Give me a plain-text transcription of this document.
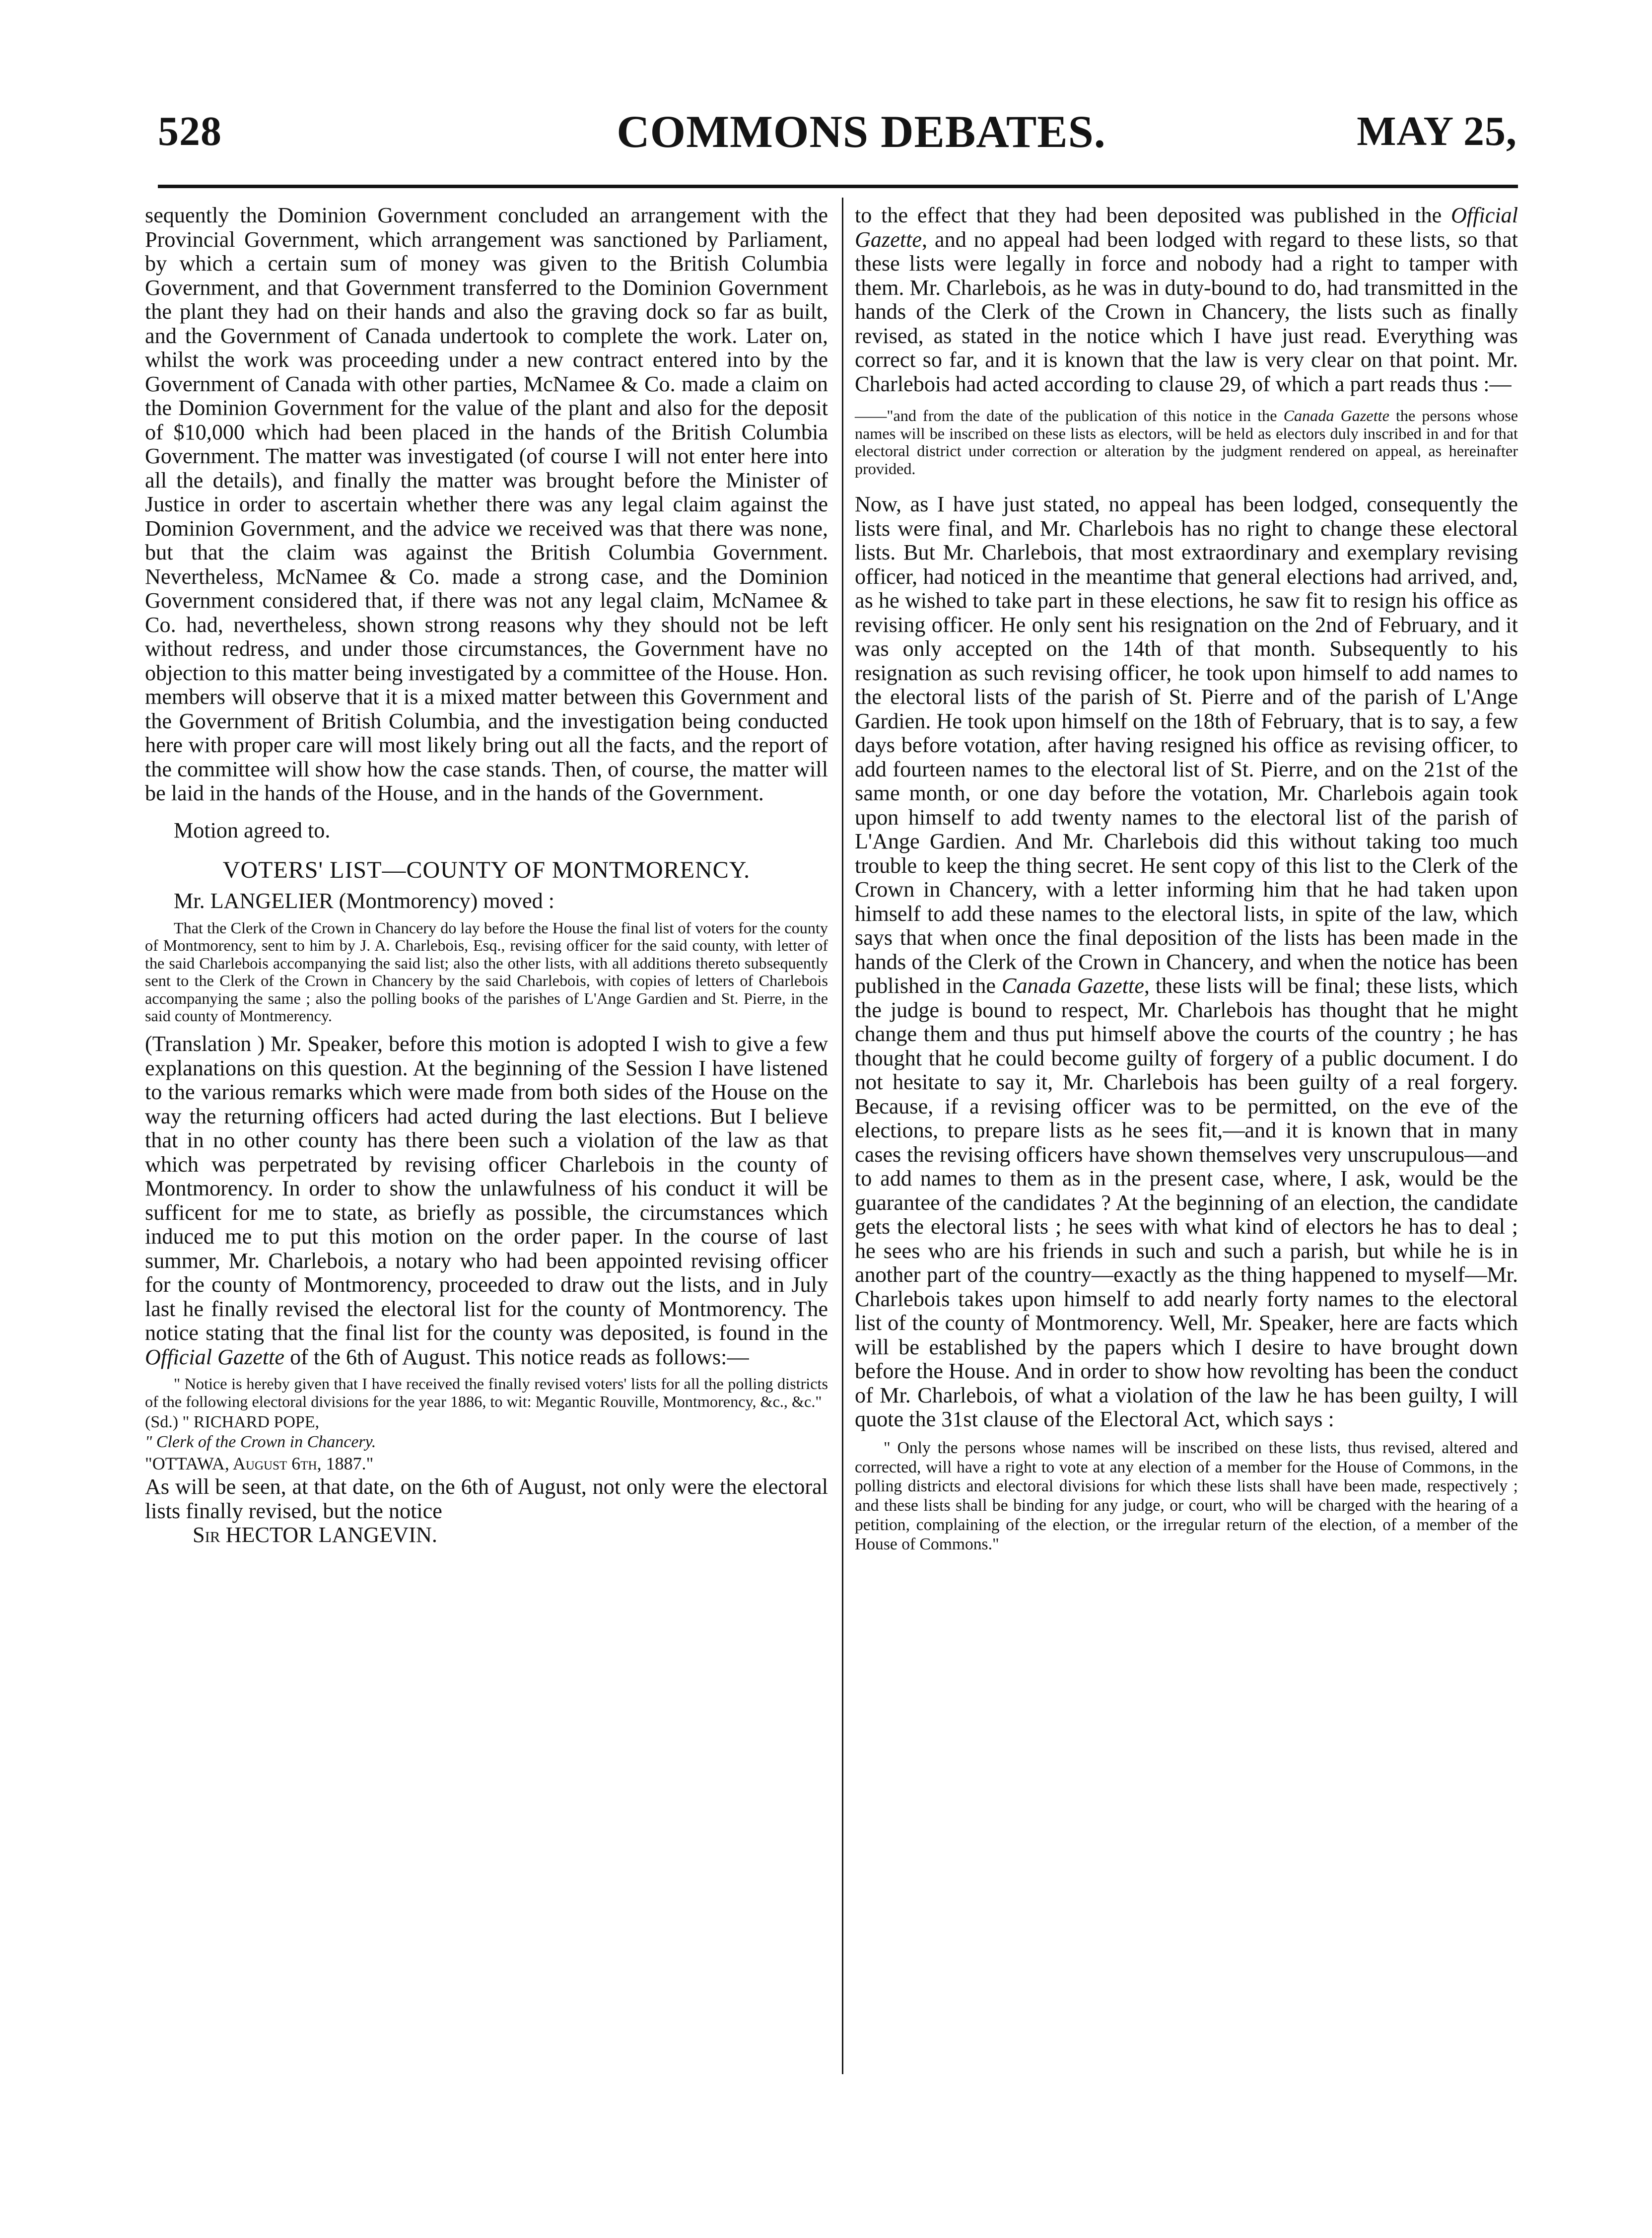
528	COMMONS DEBATES.	MAY 25,

sequently the Dominion Government concluded an arrangement with the Provincial Government, which arrangement was sanctioned by Parliament, by which a certain sum of money was given to the British Columbia Government, and that Government transferred to the Dominion Government the plant they had on their hands and also the graving dock so far as built, and the Government of Canada undertook to complete the work. Later on, whilst the work was proceeding under a new contract entered into by the Government of Canada with other parties, McNamee & Co. made a claim on the Dominion Government for the value of the plant and also for the deposit of $10,000 which had been placed in the hands of the British Columbia Government. The matter was investigated (of course I will not enter here into all the details), and finally the matter was brought before the Minister of Justice in order to ascertain whether there was any legal claim against the Dominion Government, and the advice we received was that there was none, but that the claim was against the British Columbia Government. Nevertheless, McNamee & Co. made a strong case, and the Dominion Government considered that, if there was not any legal claim, McNamee & Co. had, nevertheless, shown strong reasons why they should not be left without redress, and under those circumstances, the Government have no objection to this matter being investigated by a committee of the House. Hon. members will observe that it is a mixed matter between this Government and the Government of British Columbia, and the investigation being conducted here with proper care will most likely bring out all the facts, and the report of the committee will show how the case stands. Then, of course, the matter will be laid in the hands of the House, and in the hands of the Government.

Motion agreed to.

VOTERS' LIST—COUNTY OF MONTMORENCY.

Mr. LANGELIER (Montmorency) moved :

That the Clerk of the Crown in Chancery do lay before the House the final list of voters for the county of Montmorency, sent to him by J. A. Charlebois, Esq., revising officer for the said county, with letter of the said Charlebois accompanying the said list; also the other lists, with all additions thereto subsequently sent to the Clerk of the Crown in Chancery by the said Charlebois, with copies of letters of Charlebois accompanying the same ; also the polling books of the parishes of L'Ange Gardien and St. Pierre, in the said county of Montmerency.

(Translation ) Mr. Speaker, before this motion is adopted I wish to give a few explanations on this question. At the beginning of the Session I have listened to the various remarks which were made from both sides of the House on the way the returning officers had acted during the last elections. But I believe that in no other county has there been such a violation of the law as that which was perpetrated by revising officer Charlebois in the county of Montmorency. In order to show the unlawfulness of his conduct it will be sufficent for me to state, as briefly as possible, the circumstances which induced me to put this motion on the order paper. In the course of last summer, Mr. Charlebois, a notary who had been appointed revising officer for the county of Montmorency, proceeded to draw out the lists, and in July last he finally revised the electoral list for the county of Montmorency. The notice stating that the final list for the county was deposited, is found in the Official Gazette of the 6th of August. This notice reads as follows:—

" Notice is hereby given that I have received the finally revised voters' lists for all the polling districts of the following electoral divisions for the year 1886, to wit: Megantic Rouville, Montmorency, &c., &c."

(Sd.) " RICHARD POPE,

" Clerk of the Crown in Chancery.

"OTTAWA, August 6th, 1887."

As will be seen, at that date, on the 6th of August, not only were the electoral lists finally revised, but the notice

Sir HECTOR LANGEVIN.

to the effect that they had been deposited was published in the Official Gazette, and no appeal had been lodged with regard to these lists, so that these lists were legally in force and nobody had a right to tamper with them. Mr. Charlebois, as he was in duty-bound to do, had transmitted in the hands of the Clerk of the Crown in Chancery, the lists such as finally revised, as stated in the notice which I have just read. Everything was correct so far, and it is known that the law is very clear on that point. Mr. Charlebois had acted according to clause 29, of which a part reads thus :—

——"and from the date of the publication of this notice in the Canada Gazette the persons whose names will be inscribed on these lists as electors, will be held as electors duly inscribed in and for that electoral district under correction or alteration by the judgment rendered on appeal, as hereinafter provided.

Now, as I have just stated, no appeal has been lodged, consequently the lists were final, and Mr. Charlebois has no right to change these electoral lists. But Mr. Charlebois, that most extraordinary and exemplary revising officer, had noticed in the meantime that general elections had arrived, and, as he wished to take part in these elections, he saw fit to resign his office as revising officer. He only sent his resignation on the 2nd of February, and it was only accepted on the 14th of that month. Subsequently to his resignation as such revising officer, he took upon himself to add names to the electoral lists of the parish of St. Pierre and of the parish of L'Ange Gardien. He took upon himself on the 18th of February, that is to say, a few days before votation, after having resigned his office as revising officer, to add fourteen names to the electoral list of St. Pierre, and on the 21st of the same month, or one day before the votation, Mr. Charlebois again took upon himself to add twenty names to the electoral list of the parish of L'Ange Gardien. And Mr. Charlebois did this without taking too much trouble to keep the thing secret. He sent copy of this list to the Clerk of the Crown in Chancery, with a letter informing him that he had taken upon himself to add these names to the electoral lists, in spite of the law, which says that when once the final deposition of the lists has been made in the hands of the Clerk of the Crown in Chancery, and when the notice has been published in the Canada Gazette, these lists will be final; these lists, which the judge is bound to respect, Mr. Charlebois has thought that he might change them and thus put himself above the courts of the country ; he has thought that he could become guilty of forgery of a public document. I do not hesitate to say it, Mr. Charlebois has been guilty of a real forgery. Because, if a revising officer was to be permitted, on the eve of the elections, to prepare lists as he sees fit,—and it is known that in many cases the revising officers have shown themselves very unscrupulous—and to add names to them as in the present case, where, I ask, would be the guarantee of the candidates ? At the beginning of an election, the candidate gets the electoral lists ; he sees with what kind of electors he has to deal ; he sees who are his friends in such and such a parish, but while he is in another part of the country—exactly as the thing happened to myself—Mr. Charlebois takes upon himself to add nearly forty names to the electoral list of the county of Montmorency. Well, Mr. Speaker, here are facts which will be established by the papers which I desire to have brought down before the House. And in order to show how revolting has been the conduct of Mr. Charlebois, of what a violation of the law he has been guilty, I will quote the 31st clause of the Electoral Act, which says :

" Only the persons whose names will be inscribed on these lists, thus revised, altered and corrected, will have a right to vote at any election of a member for the House of Commons, in the polling districts and electoral divisions for which these lists shall have been made, respectively ; and these lists shall be binding for any judge, or court, who will be charged with the hearing of a petition, complaining of the election, or the irregular return of the election, of a member of the House of Commons."
